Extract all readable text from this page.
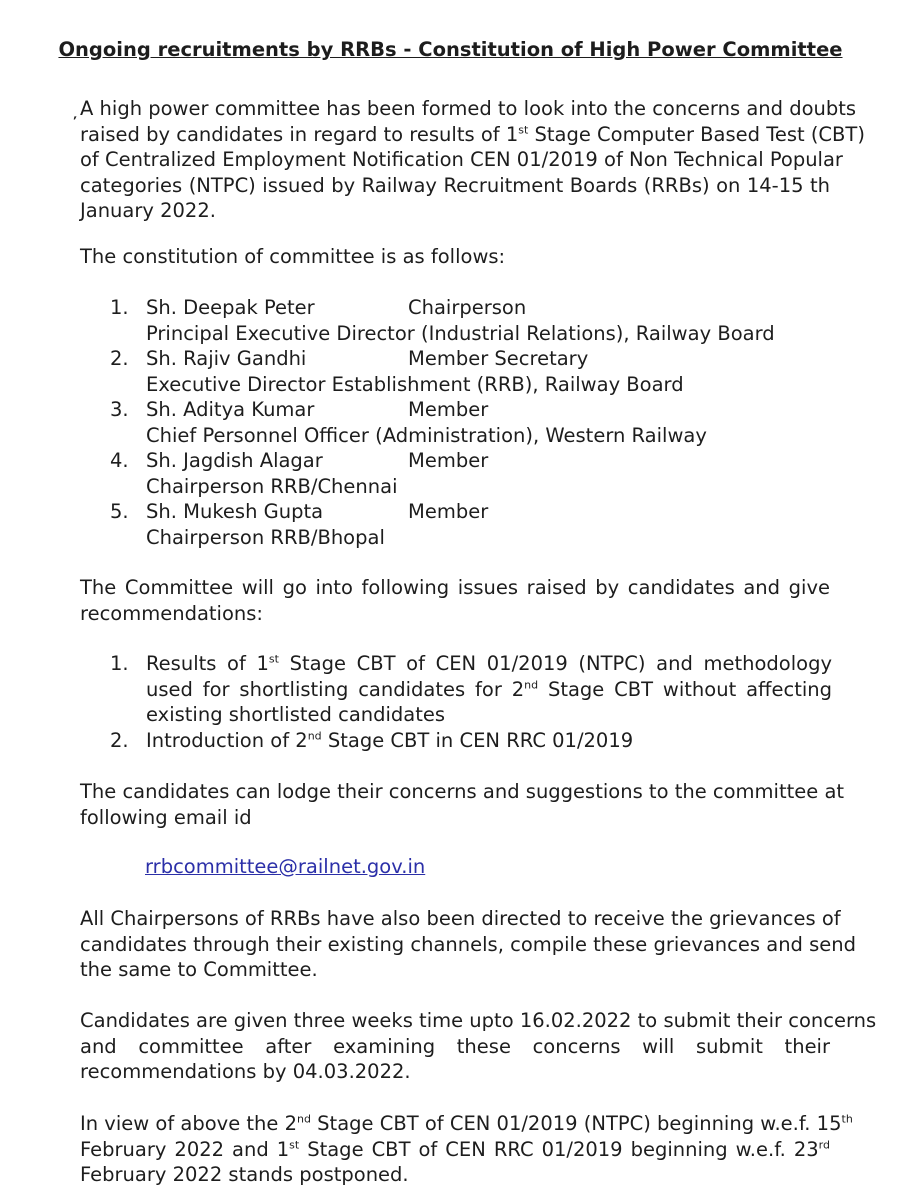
Ongoing recruitments by RRBs - Constitution of High Power Committee
̦A high power committee has been formed to look into the concerns and doubts
raised by candidates in regard to results of 1st Stage Computer Based Test (CBT)
of Centralized Employment Notification CEN 01/2019 of Non Technical Popular
categories (NTPC) issued by Railway Recruitment Boards (RRBs) on 14-15 th
January 2022.
The constitution of committee is as follows:
1. Sh. Deepak Peter	Chairperson
Principal Executive Director (Industrial Relations), Railway Board
2. Sh. Rajiv Gandhi	Member Secretary
Executive Director Establishment (RRB), Railway Board
3. Sh. Aditya Kumar	Member
Chief Personnel Officer (Administration), Western Railway
4. Sh. Jagdish Alagar	Member
Chairperson RRB/Chennai
5. Sh. Mukesh Gupta	Member
Chairperson RRB/Bhopal
The Committee will go into following issues raised by candidates and give
recommendations:
1. Results of 1st Stage CBT of CEN 01/2019 (NTPC) and methodology used for shortlisting candidates for 2nd Stage CBT without affecting existing shortlisted candidates
2. Introduction of 2nd Stage CBT in CEN RRC 01/2019
The candidates can lodge their concerns and suggestions to the committee at
following email id
rrbcommittee@railnet.gov.in
All Chairpersons of RRBs have also been directed to receive the grievances of
candidates through their existing channels, compile these grievances and send
the same to Committee.
Candidates are given three weeks time upto 16.02.2022 to submit their concerns
and committee after examining these concerns will submit their
recommendations by 04.03.2022.
In view of above the 2nd Stage CBT of CEN 01/2019 (NTPC) beginning w.e.f. 15th
February 2022 and 1st Stage CBT of CEN RRC 01/2019 beginning w.e.f. 23rd
February 2022 stands postponed.
